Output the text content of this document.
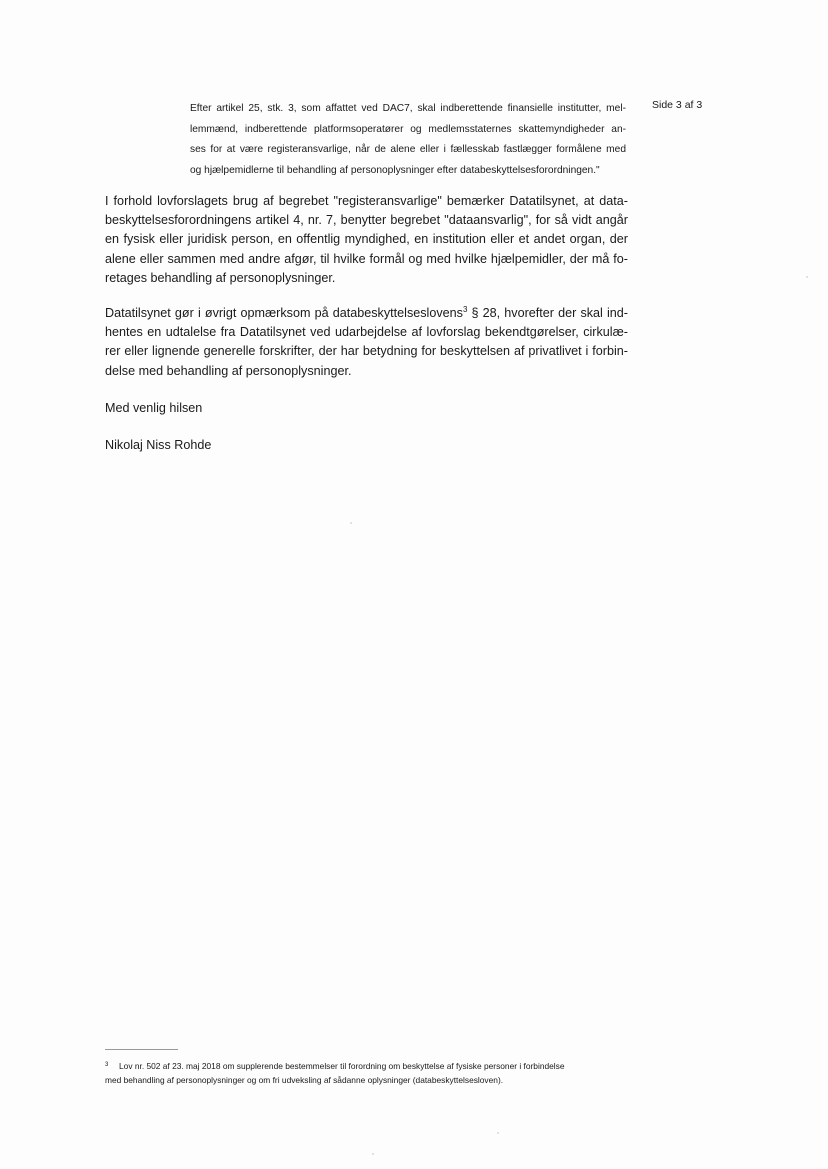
Side 3 af 3
Efter artikel 25, stk. 3, som affattet ved DAC7, skal indberettende finansielle institutter, mel-
lemmænd, indberettende platformsoperatører og medlemsstaternes skattemyndigheder an-
ses for at være registeransvarlige, når de alene eller i fællesskab fastlægger formålene med
og hjælpemidlerne til behandling af personoplysninger efter databeskyttelsesforordningen."
I forhold lovforslagets brug af begrebet "registeransvarlige" bemærker Datatilsynet, at data-
beskyttelsesforordningens artikel 4, nr. 7, benytter begrebet "dataansvarlig", for så vidt angår
en fysisk eller juridisk person, en offentlig myndighed, en institution eller et andet organ, der
alene eller sammen med andre afgør, til hvilke formål og med hvilke hjælpemidler, der må fo-
retages behandling af personoplysninger.
Datatilsynet gør i øvrigt opmærksom på databeskyttelseslovens$^3$ § 28, hvorefter der skal ind-
hentes en udtalelse fra Datatilsynet ved udarbejdelse af lovforslag bekendtgørelser, cirkulæ-
rer eller lignende generelle forskrifter, der har betydning for beskyttelsen af privatlivet i forbin-
delse med behandling af personoplysninger.
Med venlig hilsen
Nikolaj Niss Rohde
3 Lov nr. 502 af 23. maj 2018 om supplerende bestemmelser til forordning om beskyttelse af fysiske personer i forbindelse
med behandling af personoplysninger og om fri udveksling af sådanne oplysninger (databeskyttelsesloven).
